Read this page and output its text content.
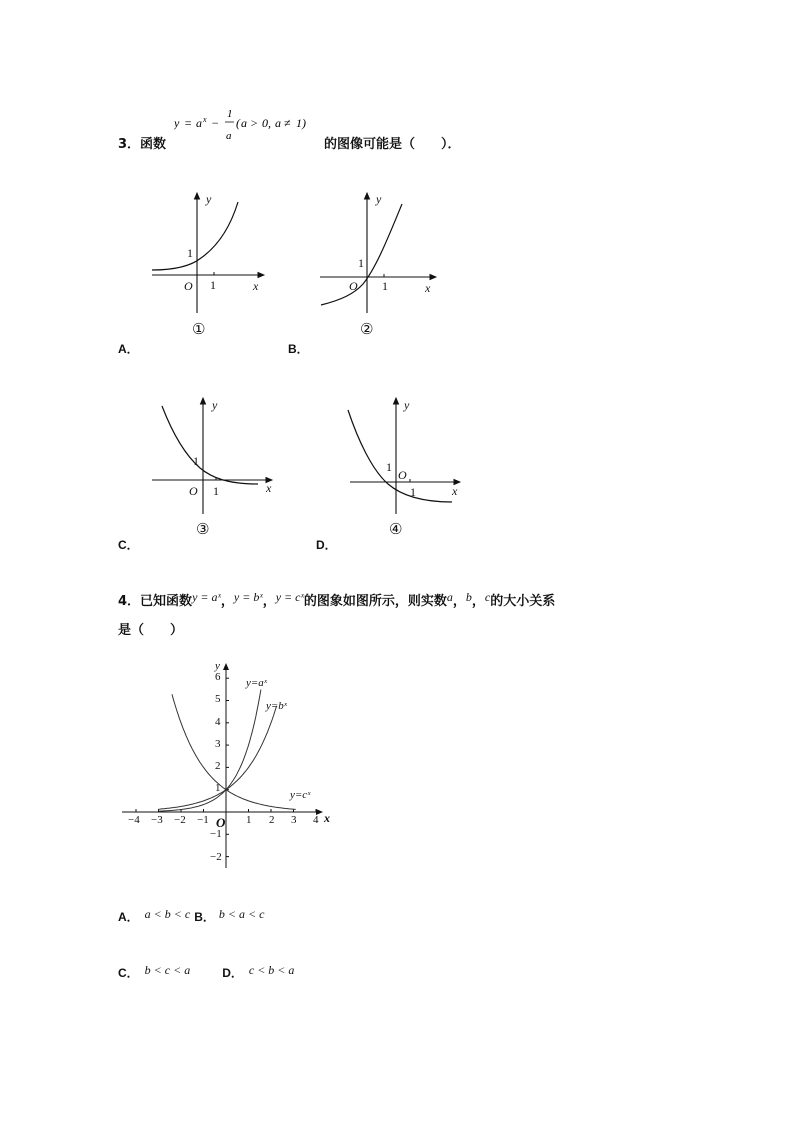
3． 函数
y = a x −
1
a
( a > 0, a ≠ 1)
的图像可能是（　　）．
y
x
O 1
1
①
A．
y
x
O 1
1
②
B．
y
x
O 1
1
③
C．
y
x
O
1
1
④
D．
4．已知函数$^{y = aˣ}$，$^{y = bˣ}$，$^{y = cˣ}$的图象如图所示，则实数$^a$，$^b$，$^c$的大小关系
是（　　）
y
x
O
−4 −3 −2 −1	1 2 3 4
6
5
4
3
2
1
−1
−2
y=aˣ
y=bˣ
y=cˣ
A． a < b < c B． b < a < c
C． b < c < a	D． c < b < a
